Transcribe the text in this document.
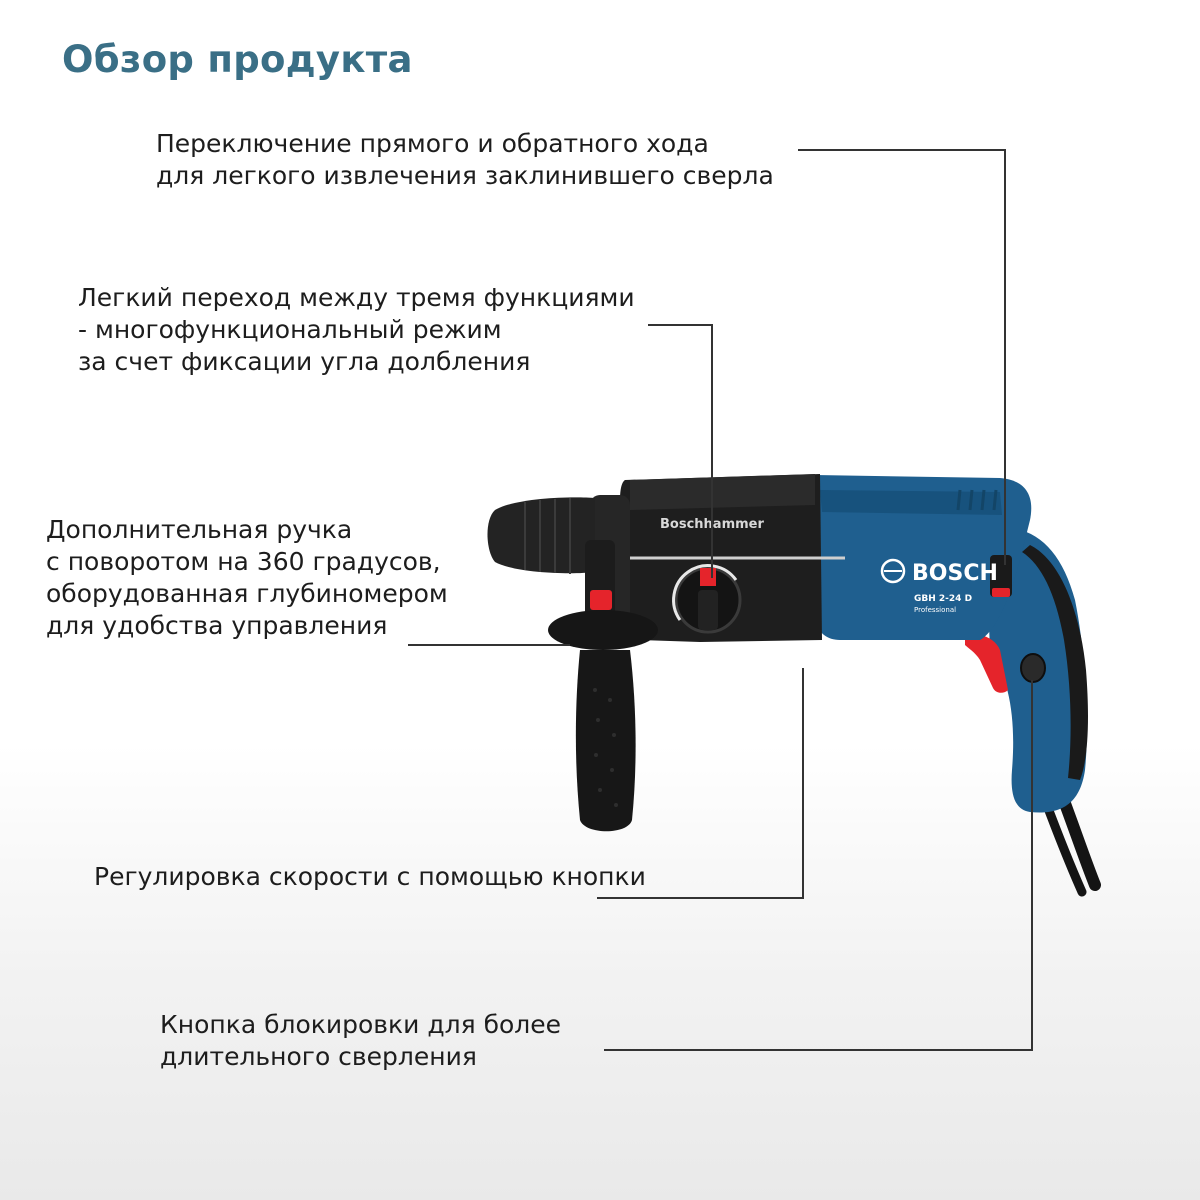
Обзор продукта
Переключение прямого и обратного хода
для легкого извлечения заклинившего сверла
Легкий переход между тремя функциями
- многофункциональный режим
за счет фиксации угла долбления
Дополнительная ручка
с поворотом на 360 градусов,
оборудованная глубиномером
для удобства управления
Регулировка скорости с помощью кнопки
Кнопка блокировки для более
длительного сверления
BOSCH
GBH 2-24 D
Professional
Boschhammer
